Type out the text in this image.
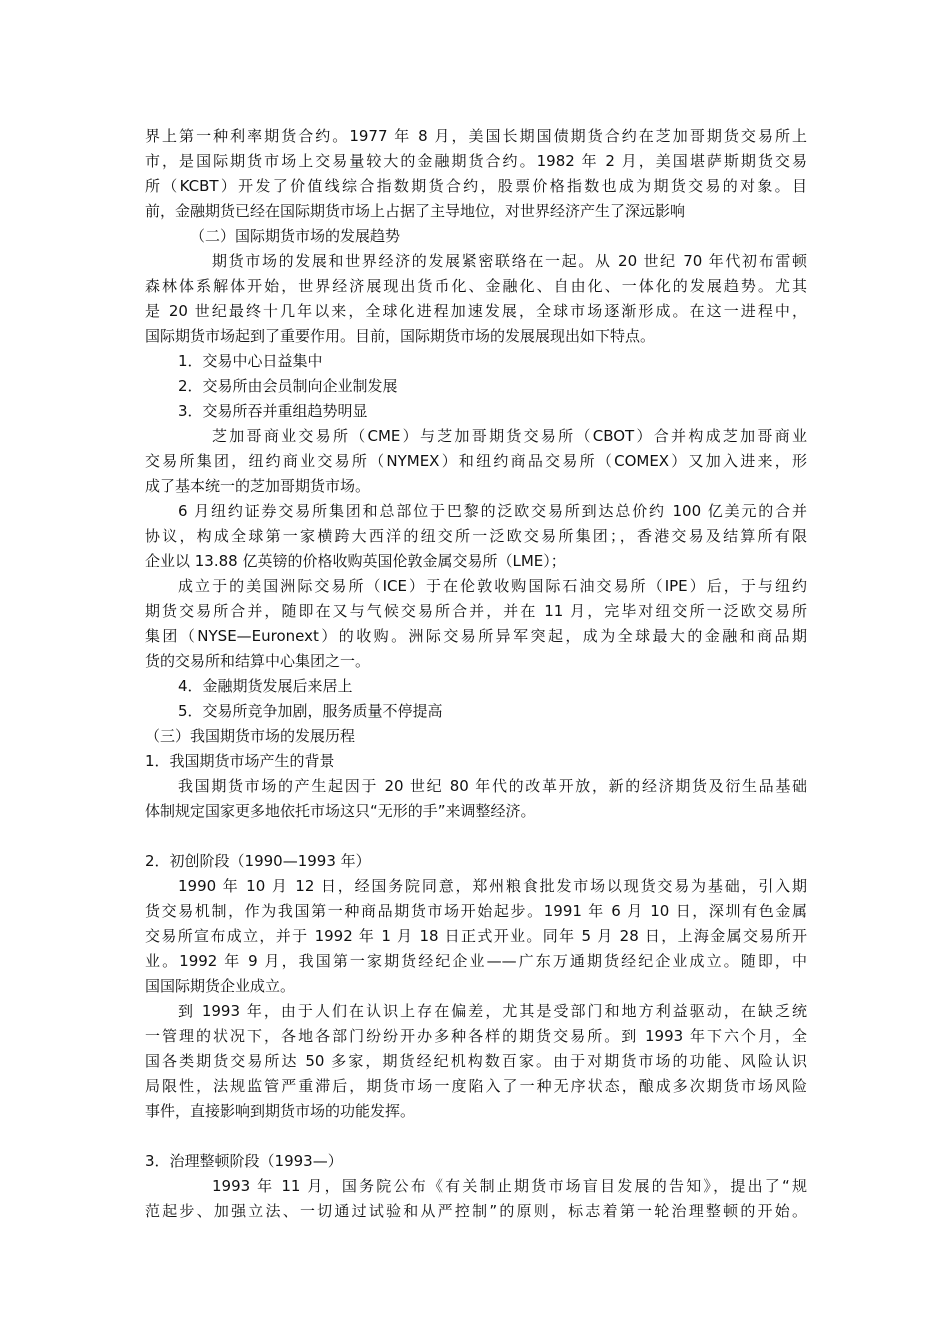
界上第一种利率期货合约。1977 年 8 月，美国长期国债期货合约在芝加哥期货交易所上

市，是国际期货市场上交易量较大的金融期货合约。1982 年 2 月，美国堪萨斯期货交易

所（KCBT）开发了价值线综合指数期货合约，股票价格指数也成为期货交易的对象。目

前，金融期货已经在国际期货市场上占据了主导地位，对世界经济产生了深远影响

（二）国际期货市场的发展趋势

期货市场的发展和世界经济的发展紧密联络在一起。从 20 世纪 70 年代初布雷顿

森林体系解体开始，世界经济展现出货币化、金融化、自由化、一体化的发展趋势。尤其

是 20 世纪最终十几年以来，全球化进程加速发展，全球市场逐渐形成。在这一进程中，

国际期货市场起到了重要作用。目前，国际期货市场的发展展现出如下特点。

1．交易中心日益集中

2．交易所由会员制向企业制发展

3．交易所吞并重组趋势明显

芝加哥商业交易所（CME）与芝加哥期货交易所（CBOT）合并构成芝加哥商业

交易所集团，纽约商业交易所（NYMEX）和纽约商品交易所（COMEX）又加入进来，形

成了基本统一的芝加哥期货市场。

6 月纽约证券交易所集团和总部位于巴黎的泛欧交易所到达总价约 100 亿美元的合并

协议，构成全球第一家横跨大西洋的纽交所一泛欧交易所集团；，香港交易及结算所有限

企业以 13.88 亿英镑的价格收购英国伦敦金属交易所（LME）；

成立于的美国洲际交易所（ICE）于在伦敦收购国际石油交易所（IPE）后，于与纽约

期货交易所合并，随即在又与气候交易所合并，并在 11 月，完毕对纽交所一泛欧交易所

集团（NYSE—Euronext）的收购。洲际交易所异军突起，成为全球最大的金融和商品期

货的交易所和结算中心集团之一。

4．金融期货发展后来居上

5．交易所竞争加剧，服务质量不停提高

（三）我国期货市场的发展历程

1．我国期货市场产生的背景

我国期货市场的产生起因于 20 世纪 80 年代的改革开放，新的经济期货及衍生品基础

体制规定国家更多地依托市场这只“无形的手”来调整经济。

2．初创阶段（1990—1993 年）

1990 年 10 月 12 日，经国务院同意，郑州粮食批发市场以现货交易为基础，引入期

货交易机制，作为我国第一种商品期货市场开始起步。1991 年 6 月 10 日，深圳有色金属

交易所宣布成立，并于 1992 年 1 月 18 日正式开业。同年 5 月 28 日，上海金属交易所开

业。1992 年 9 月，我国第一家期货经纪企业——广东万通期货经纪企业成立。随即，中

国国际期货企业成立。

到 1993 年，由于人们在认识上存在偏差，尤其是受部门和地方利益驱动，在缺乏统

一管理的状况下，各地各部门纷纷开办多种各样的期货交易所。到 1993 年下六个月，全

国各类期货交易所达 50 多家，期货经纪机构数百家。由于对期货市场的功能、风险认识

局限性，法规监管严重滞后，期货市场一度陷入了一种无序状态，酿成多次期货市场风险

事件，直接影响到期货市场的功能发挥。

3．治理整顿阶段（1993—）

1993 年 11 月，国务院公布《有关制止期货市场盲目发展的告知》，提出了“规

范起步、加强立法、一切通过试验和从严控制”的原则，标志着第一轮治理整顿的开始。
